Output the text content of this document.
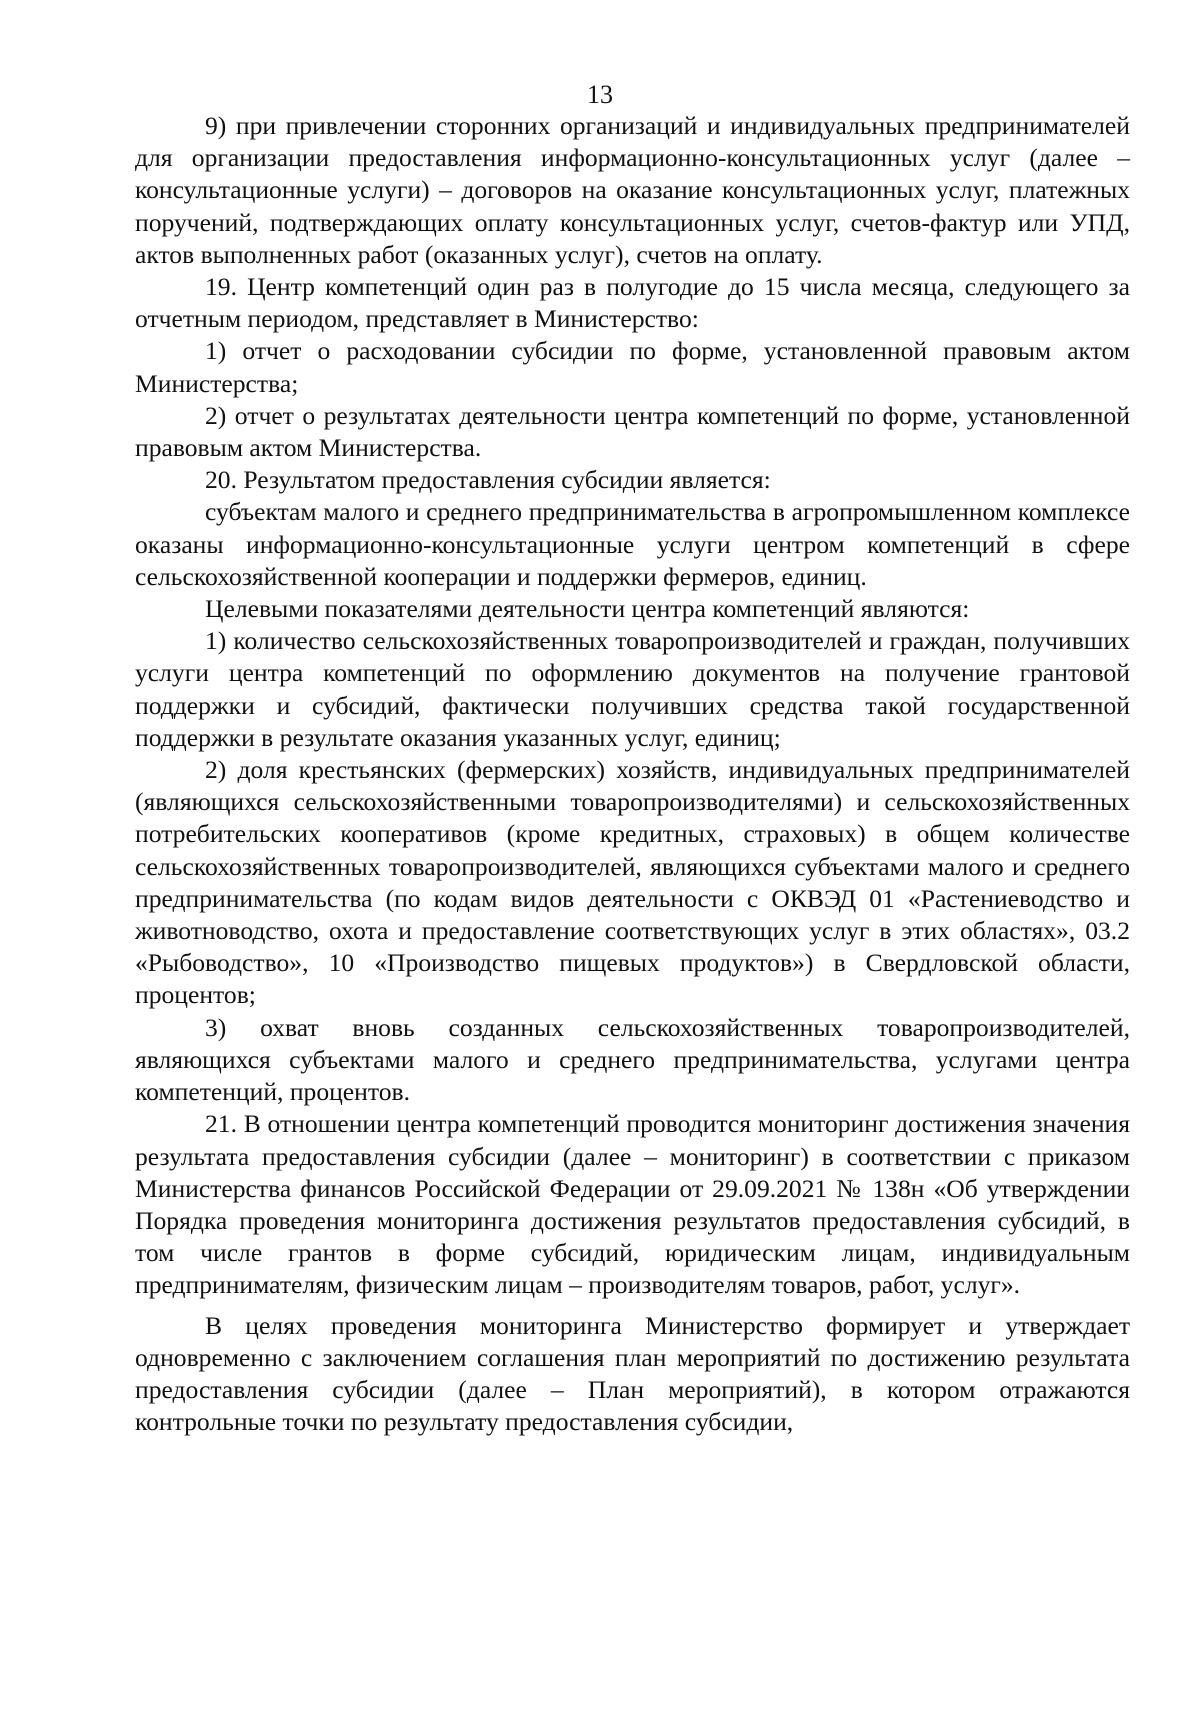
13

9) при привлечении сторонних организаций и индивидуальных предпринимателей для организации предоставления информационно-консультационных услуг (далее – консультационные услуги) – договоров на оказание консультационных услуг, платежных поручений, подтверждающих оплату консультационных услуг, счетов-фактур или УПД, актов выполненных работ (оказанных услуг), счетов на оплату.

19. Центр компетенций один раз в полугодие до 15 числа месяца, следующего за отчетным периодом, представляет в Министерство:

1) отчет о расходовании субсидии по форме, установленной правовым актом Министерства;

2) отчет о результатах деятельности центра компетенций по форме, установленной правовым актом Министерства.

20. Результатом предоставления субсидии является:

субъектам малого и среднего предпринимательства в агропромышленном комплексе оказаны информационно-консультационные услуги центром компетенций в сфере сельскохозяйственной кооперации и поддержки фермеров, единиц.

Целевыми показателями деятельности центра компетенций являются:

1) количество сельскохозяйственных товаропроизводителей и граждан, получивших услуги центра компетенций по оформлению документов на получение грантовой поддержки и субсидий, фактически получивших средства такой государственной поддержки в результате оказания указанных услуг, единиц;

2) доля крестьянских (фермерских) хозяйств, индивидуальных предпринимателей (являющихся сельскохозяйственными товаропроизводителями) и сельскохозяйственных потребительских кооперативов (кроме кредитных, страховых) в общем количестве сельскохозяйственных товаропроизводителей, являющихся субъектами малого и среднего предпринимательства (по кодам видов деятельности с ОКВЭД 01 «Растениеводство и животноводство, охота и предоставление соответствующих услуг в этих областях», 03.2 «Рыбоводство», 10 «Производство пищевых продуктов») в Свердловской области, процентов;

3) охват вновь созданных сельскохозяйственных товаропроизводителей, являющихся субъектами малого и среднего предпринимательства, услугами центра компетенций, процентов.

21. В отношении центра компетенций проводится мониторинг достижения значения результата предоставления субсидии (далее – мониторинг) в соответствии с приказом Министерства финансов Российской Федерации от 29.09.2021 № 138н «Об утверждении Порядка проведения мониторинга достижения результатов предоставления субсидий, в том числе грантов в форме субсидий, юридическим лицам, индивидуальным предпринимателям, физическим лицам – производителям товаров, работ, услуг».

В целях проведения мониторинга Министерство формирует и утверждает одновременно с заключением соглашения план мероприятий по достижению результата предоставления субсидии (далее – План мероприятий), в котором отражаются контрольные точки по результату предоставления субсидии,
